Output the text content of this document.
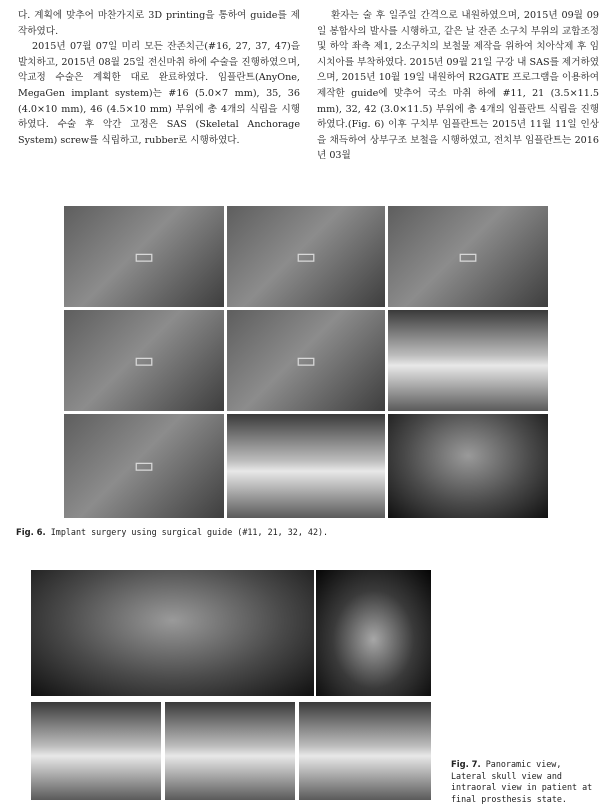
다. 계획에 맞추어 마찬가지로 3D printing을 통하여 guide를 제작하였다.

2015년 07월 07일 미리 모든 잔존치근(#16, 27, 37, 47)을 발치하고, 2015년 08월 25일 전신마취 하에 수술을 진행하였으며, 악교정 수술은 계획한 대로 완료하였다. 임플란트(AnyOne, MegaGen implant system)는 #16 (5.0×7 mm), 35, 36 (4.0×10 mm), 46 (4.5×10 mm) 부위에 총 4개의 식립을 시행하였다. 수술 후 악간 고정은 SAS (Skeletal Anchorage System) screw를 식립하고, rubber로 시행하였다.

환자는 술 후 일주일 간격으로 내원하였으며, 2015년 09월 09일 봉합사의 발사를 시행하고, 같은 날 잔존 소구치 부위의 교합조정 및 하악 좌측 제1, 2소구치의 보철물 제작을 위하여 치아삭제 후 임시치아를 부착하였다. 2015년 09월 21일 구강 내 SAS를 제거하였으며, 2015년 10월 19일 내원하여 R2GATE 프로그램을 이용하여 제작한 guide에 맞추어 국소 마취 하에 #11, 21 (3.5×11.5 mm), 32, 42 (3.0×11.5) 부위에 총 4개의 임플란트 식립을 진행하였다.(Fig. 6) 이후 구치부 임플란트는 2015년 11월 11일 인상을 채득하여 상부구조 보철을 시행하였고, 전치부 임플란트는 2016년 03월

▭	▭	▭
▭	▭
▭
Fig. 6. Implant surgery using surgical guide (#11, 21, 32, 42).
Fig. 7. Panoramic view, Lateral skull view and intraoral view in patient at final prosthesis state.
